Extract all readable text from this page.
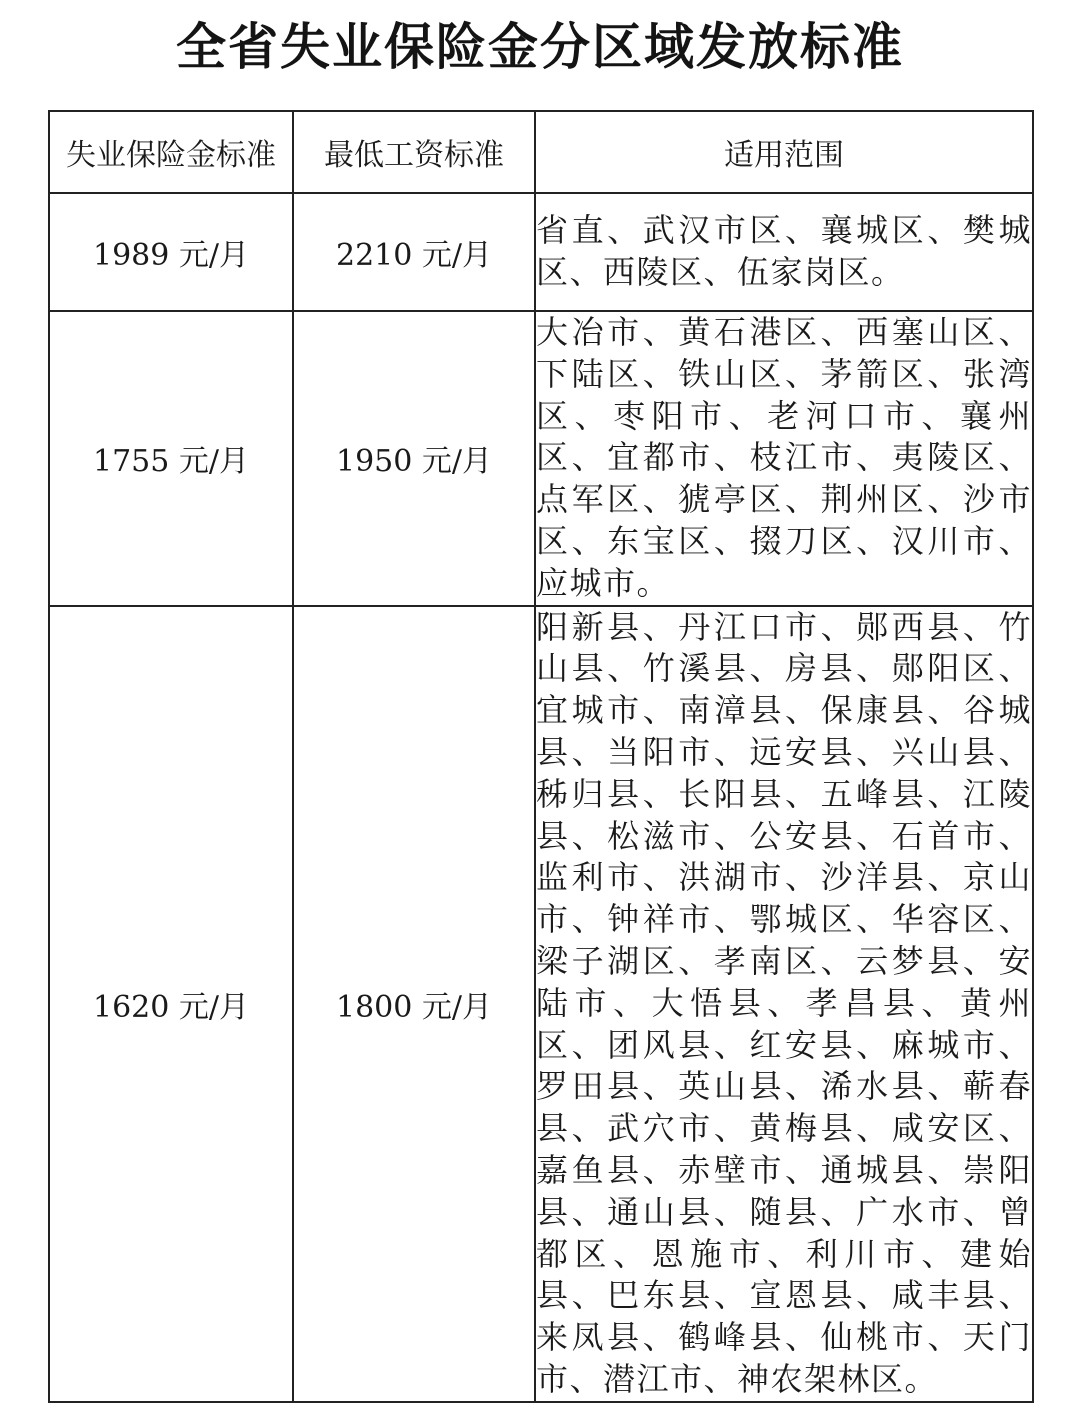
全省失业保险金分区域发放标准
失业保险金标准	最低工资标准	适用范围
1989 元/月	2210 元/月	省直、武汉市区、襄城区、樊城区、西陵区、伍家岗区。

1755 元/月	1950 元/月	大冶市、黄石港区、西塞山区、下陆区、铁山区、茅箭区、张湾区、枣阳市、老河口市、襄州区、宜都市、枝江市、夷陵区、点军区、猇亭区、荆州区、沙市区、东宝区、掇刀区、汉川市、应城市。

1620 元/月	1800 元/月	阳新县、丹江口市、郧西县、竹山县、竹溪县、房县、郧阳区、宜城市、南漳县、保康县、谷城县、当阳市、远安县、兴山县、秭归县、长阳县、五峰县、江陵县、松滋市、公安县、石首市、监利市、洪湖市、沙洋县、京山市、钟祥市、鄂城区、华容区、梁子湖区、孝南区、云梦县、安陆市、大悟县、孝昌县、黄州区、团风县、红安县、麻城市、罗田县、英山县、浠水县、蕲春县、武穴市、黄梅县、咸安区、嘉鱼县、赤壁市、通城县、崇阳县、通山县、随县、广水市、曾都区、恩施市、利川市、建始县、巴东县、宣恩县、咸丰县、来凤县、鹤峰县、仙桃市、天门市、潜江市、神农架林区。
